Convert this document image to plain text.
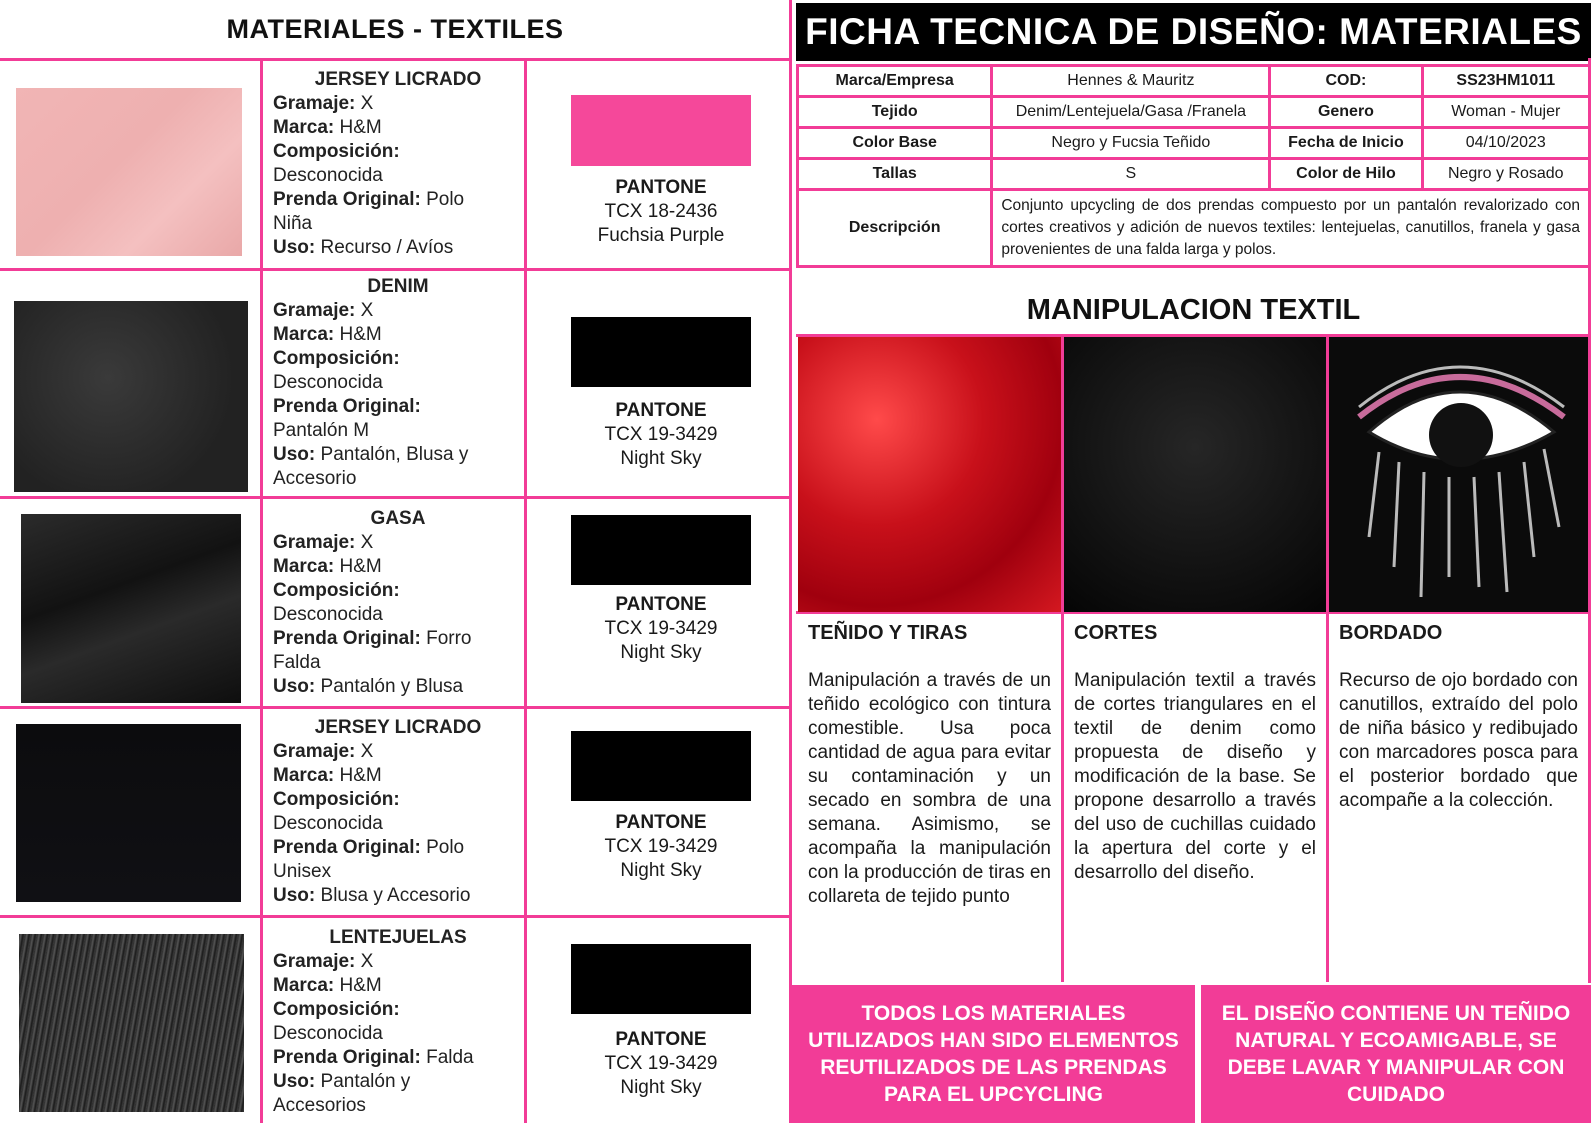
MATERIALES - TEXTILES
JERSEY LICRADO
Gramaje: X
Marca: H&M
Composición:
Desconocida
Prenda Original: Polo Niña
Uso: Recurso / Avíos
PANTONE
TCX 18-2436
Fuchsia Purple
DENIM
Gramaje: X
Marca: H&M
Composición:
Desconocida
Prenda Original:
Pantalón M
Uso: Pantalón, Blusa y Accesorio
PANTONE
TCX 19-3429
Night Sky
GASA
Gramaje: X
Marca: H&M
Composición:
Desconocida
Prenda Original: Forro Falda
Uso: Pantalón y Blusa
PANTONE
TCX 19-3429
Night Sky
JERSEY LICRADO
Gramaje: X
Marca: H&M
Composición:
Desconocida
Prenda Original: Polo Unisex
Uso: Blusa y Accesorio
PANTONE
TCX 19-3429
Night Sky
LENTEJUELAS
Gramaje: X
Marca: H&M
Composición:
Desconocida
Prenda Original: Falda
Uso: Pantalón y Accesorios
PANTONE
TCX 19-3429
Night Sky
FICHA TECNICA DE DISEÑO: MATERIALES
Marca/Empresa	Hennes & Mauritz	COD:	SS23HM1011
Tejido	Denim/Lentejuela/Gasa /Franela	Genero	Woman - Mujer
Color Base	Negro y Fucsia Teñido	Fecha de Inicio	04/10/2023
Tallas	S	Color de Hilo	Negro y Rosado
Descripción	Conjunto upcycling de dos prendas compuesto por un pantalón revalorizado con cortes creativos y adición de nuevos textiles: lentejuelas, canutillos, franela y gasa provenientes de una falda larga y polos.		
MANIPULACION TEXTIL
TEÑIDO Y TIRAS
Manipulación a través de un teñido ecológico con tintura comestible. Usa poca cantidad de agua para evitar su contaminación y un secado en sombra de una semana. Asimismo, se acompaña la manipulación con la producción de tiras en collareta de tejido punto
CORTES
Manipulación textil a través de cortes triangulares en el textil de denim como propuesta de diseño y modificación de la base. Se propone desarrollo a través del uso de cuchillas cuidado la apertura del corte y el desarrollo del diseño.
BORDADO
Recurso de ojo bordado con canutillos, extraído del polo de niña básico y redibujado con marcadores posca para el posterior bordado que acompañe a la colección.
TODOS LOS MATERIALES UTILIZADOS HAN SIDO ELEMENTOS REUTILIZADOS DE LAS PRENDAS PARA EL UPCYCLING
EL DISEÑO CONTIENE UN TEÑIDO NATURAL Y ECOAMIGABLE, SE DEBE LAVAR Y MANIPULAR CON CUIDADO
